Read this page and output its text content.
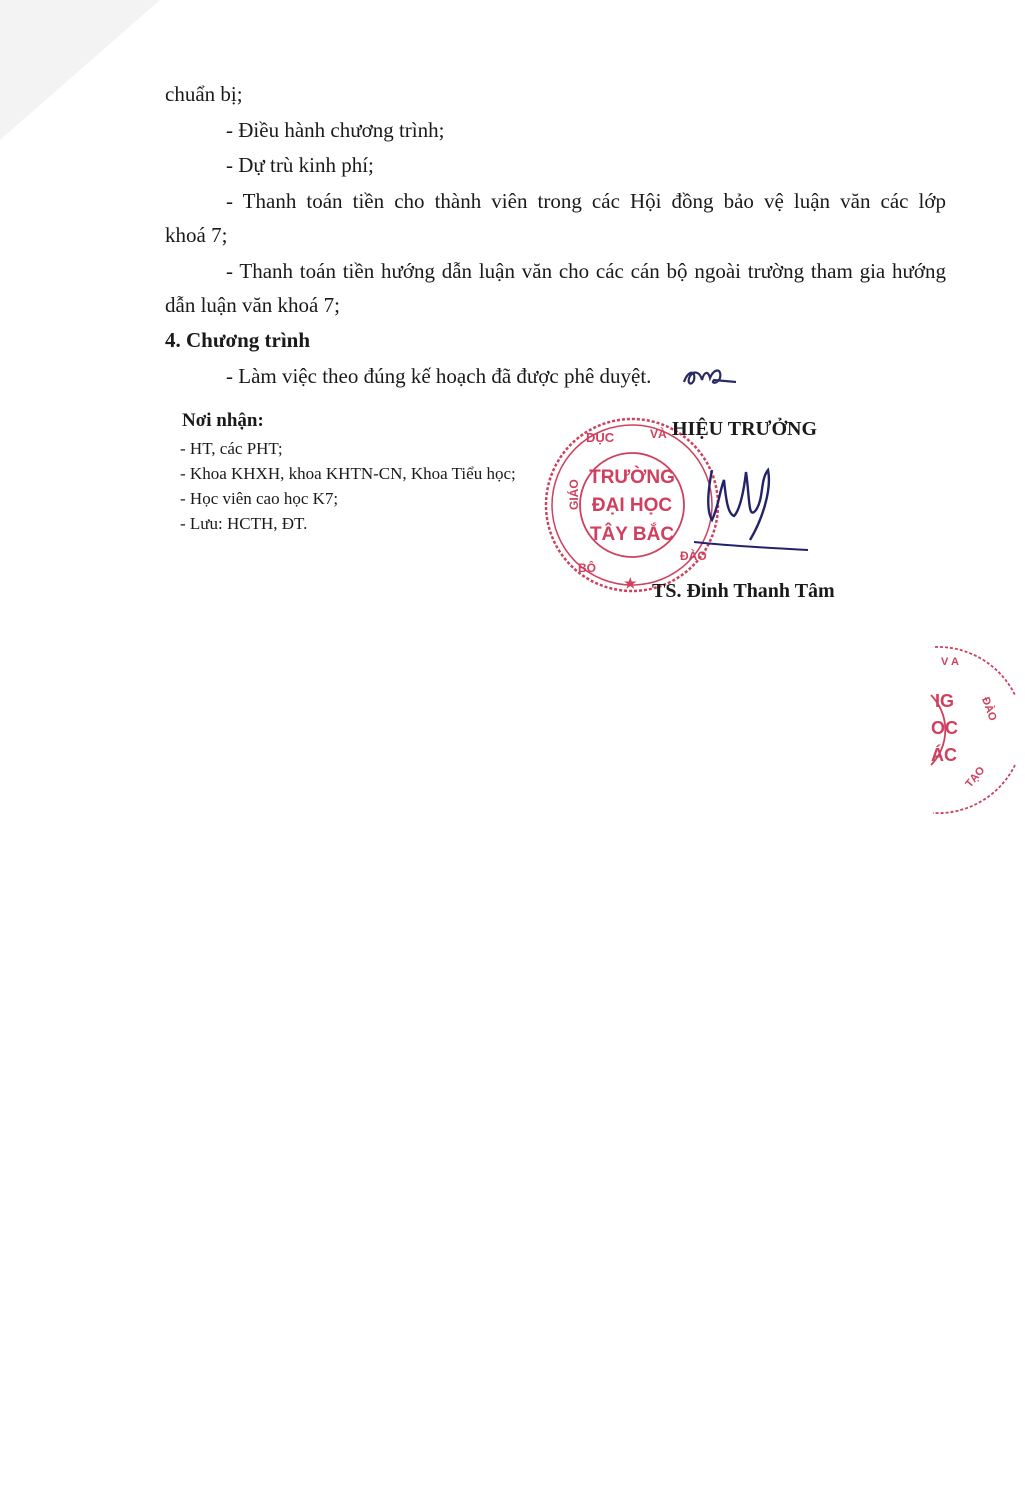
chuẩn bị;
- Điều hành chương trình;
- Dự trù kinh phí;
- Thanh toán tiền cho thành viên trong các Hội đồng bảo vệ luận văn các lớp
khoá 7;
- Thanh toán tiền hướng dẫn luận văn cho các cán bộ ngoài trường tham gia hướng
dẫn luận văn khoá 7;
4. Chương trình
- Làm việc theo đúng kế hoạch đã được phê duyệt.
Nơi nhận:
- HT, các PHT;
- Khoa KHXH, khoa KHTN-CN, Khoa Tiểu học;
- Học viên cao học K7;
- Lưu: HCTH, ĐT.
TRƯỜNG
ĐẠI HỌC
TÂY BẮC
GIÁO
DỤC	VÀ
ĐÀO
BỘ
★
HIỆU TRƯỞNG
TS. Đinh Thanh Tâm
IG
OC
ÁC
V A
ĐÀO
TẠO
